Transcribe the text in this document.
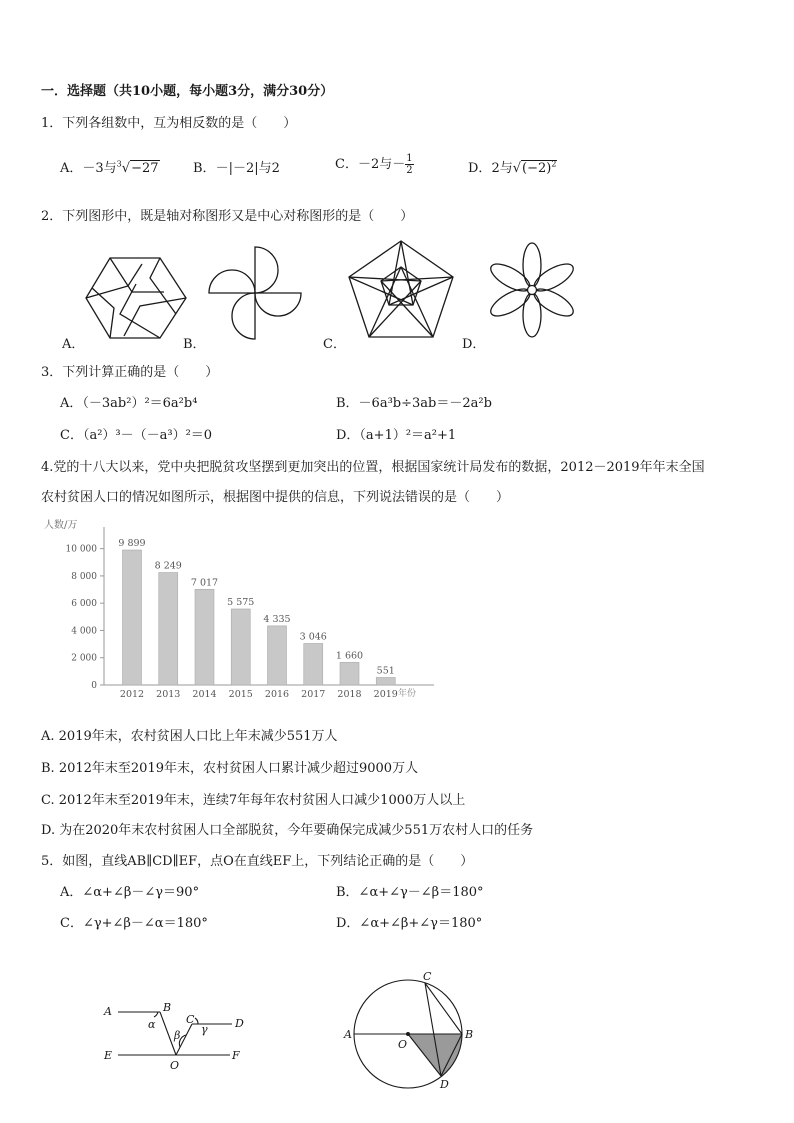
一．选择题（共10小题，每小题3分，满分30分）
1．下列各组数中，互为相反数的是（　　）
A．－3与$^3$√−27	B．－|－2|与2	C．－2与－ $\frac{1}{2}$	D．2与$√(-2)^2$
2．下列图形中，既是轴对称图形又是中心对称图形的是（　　）
A．	B．	C．	D．
3．下列计算正确的是（　　）
A．（－3ab²）²＝6a²b⁴	B．－6a³b÷3ab＝－2a²b
C．（a²）³－（－a³）²＝0	D．（a+1）²＝a²+1
4.党的十八大以来，党中央把脱贫攻坚摆到更加突出的位置，根据国家统计局发布的数据，2012－2019年年末全国
农村贫困人口的情况如图所示，根据图中提供的信息，下列说法错误的是（　　）
人数/万
年份
0
2 000
4 000
6 000
8 000
10 000
9 899
2012
8 249
2013
7 017
2014
5 575
2015
4 335
2016
3 046
2017
1 660
2018
551
2019
A. 2019年末，农村贫困人口比上年末减少551万人
B. 2012年末至2019年末，农村贫困人口累计减少超过9000万人
C. 2012年末至2019年末，连续7年每年农村贫困人口减少1000万人以上
D. 为在2020年末农村贫困人口全部脱贫，今年要确保完成减少551万农村人口的任务
5．如图，直线AB∥CD∥EF，点O在直线EF上，下列结论正确的是（　　）
A．∠α+∠β－∠γ＝90°	B．∠α+∠γ－∠β＝180°
C．∠γ+∠β－∠α＝180°	D．∠α+∠β+∠γ＝180°
A	B
α	C
β γ D
E
O
F
C
A
O
B
D
